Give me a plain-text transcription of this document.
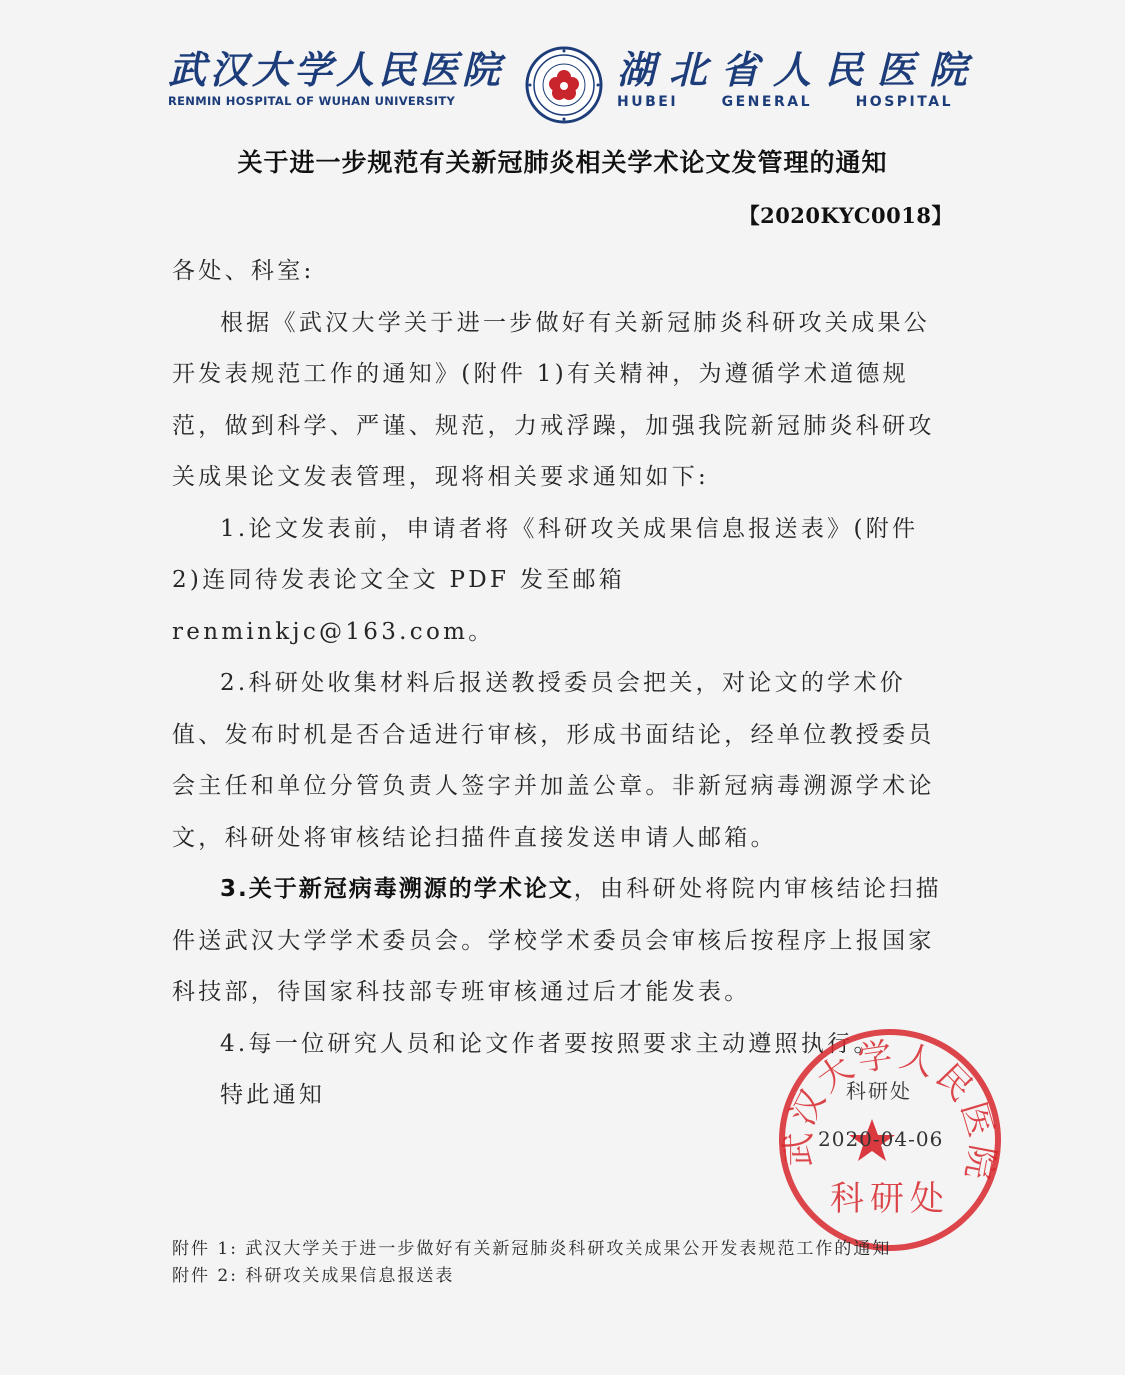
武汉大学人民医院
RENMIN HOSPITAL OF WUHAN UNIVERSITY
湖北省人民医院
HUBEI	GENERAL	HOSPITAL
关于进一步规范有关新冠肺炎相关学术论文发管理的通知
【2020KYC0018】

各处、科室:

根据《武汉大学关于进一步做好有关新冠肺炎科研攻关成果公开发表规范工作的通知》(附件 1)有关精神，为遵循学术道德规范，做到科学、严谨、规范，力戒浮躁，加强我院新冠肺炎科研攻关成果论文发表管理，现将相关要求通知如下:

1.论文发表前，申请者将《科研攻关成果信息报送表》(附件 2)连同待发表论文全文 PDF 发至邮箱 renminkjc@163.com。

2.科研处收集材料后报送教授委员会把关，对论文的学术价值、发布时机是否合适进行审核，形成书面结论，经单位教授委员会主任和单位分管负责人签字并加盖公章。非新冠病毒溯源学术论文，科研处将审核结论扫描件直接发送申请人邮箱。

3.关于新冠病毒溯源的学术论文，由科研处将院内审核结论扫描件送武汉大学学术委员会。学校学术委员会审核后按程序上报国家科技部，待国家科技部专班审核通过后才能发表。

4.每一位研究人员和论文作者要按照要求主动遵照执行。

特此通知

武汉大学人民医院
科研处
科研处
2020-04-06

附件 1: 武汉大学关于进一步做好有关新冠肺炎科研攻关成果公开发表规范工作的通知

附件 2: 科研攻关成果信息报送表
